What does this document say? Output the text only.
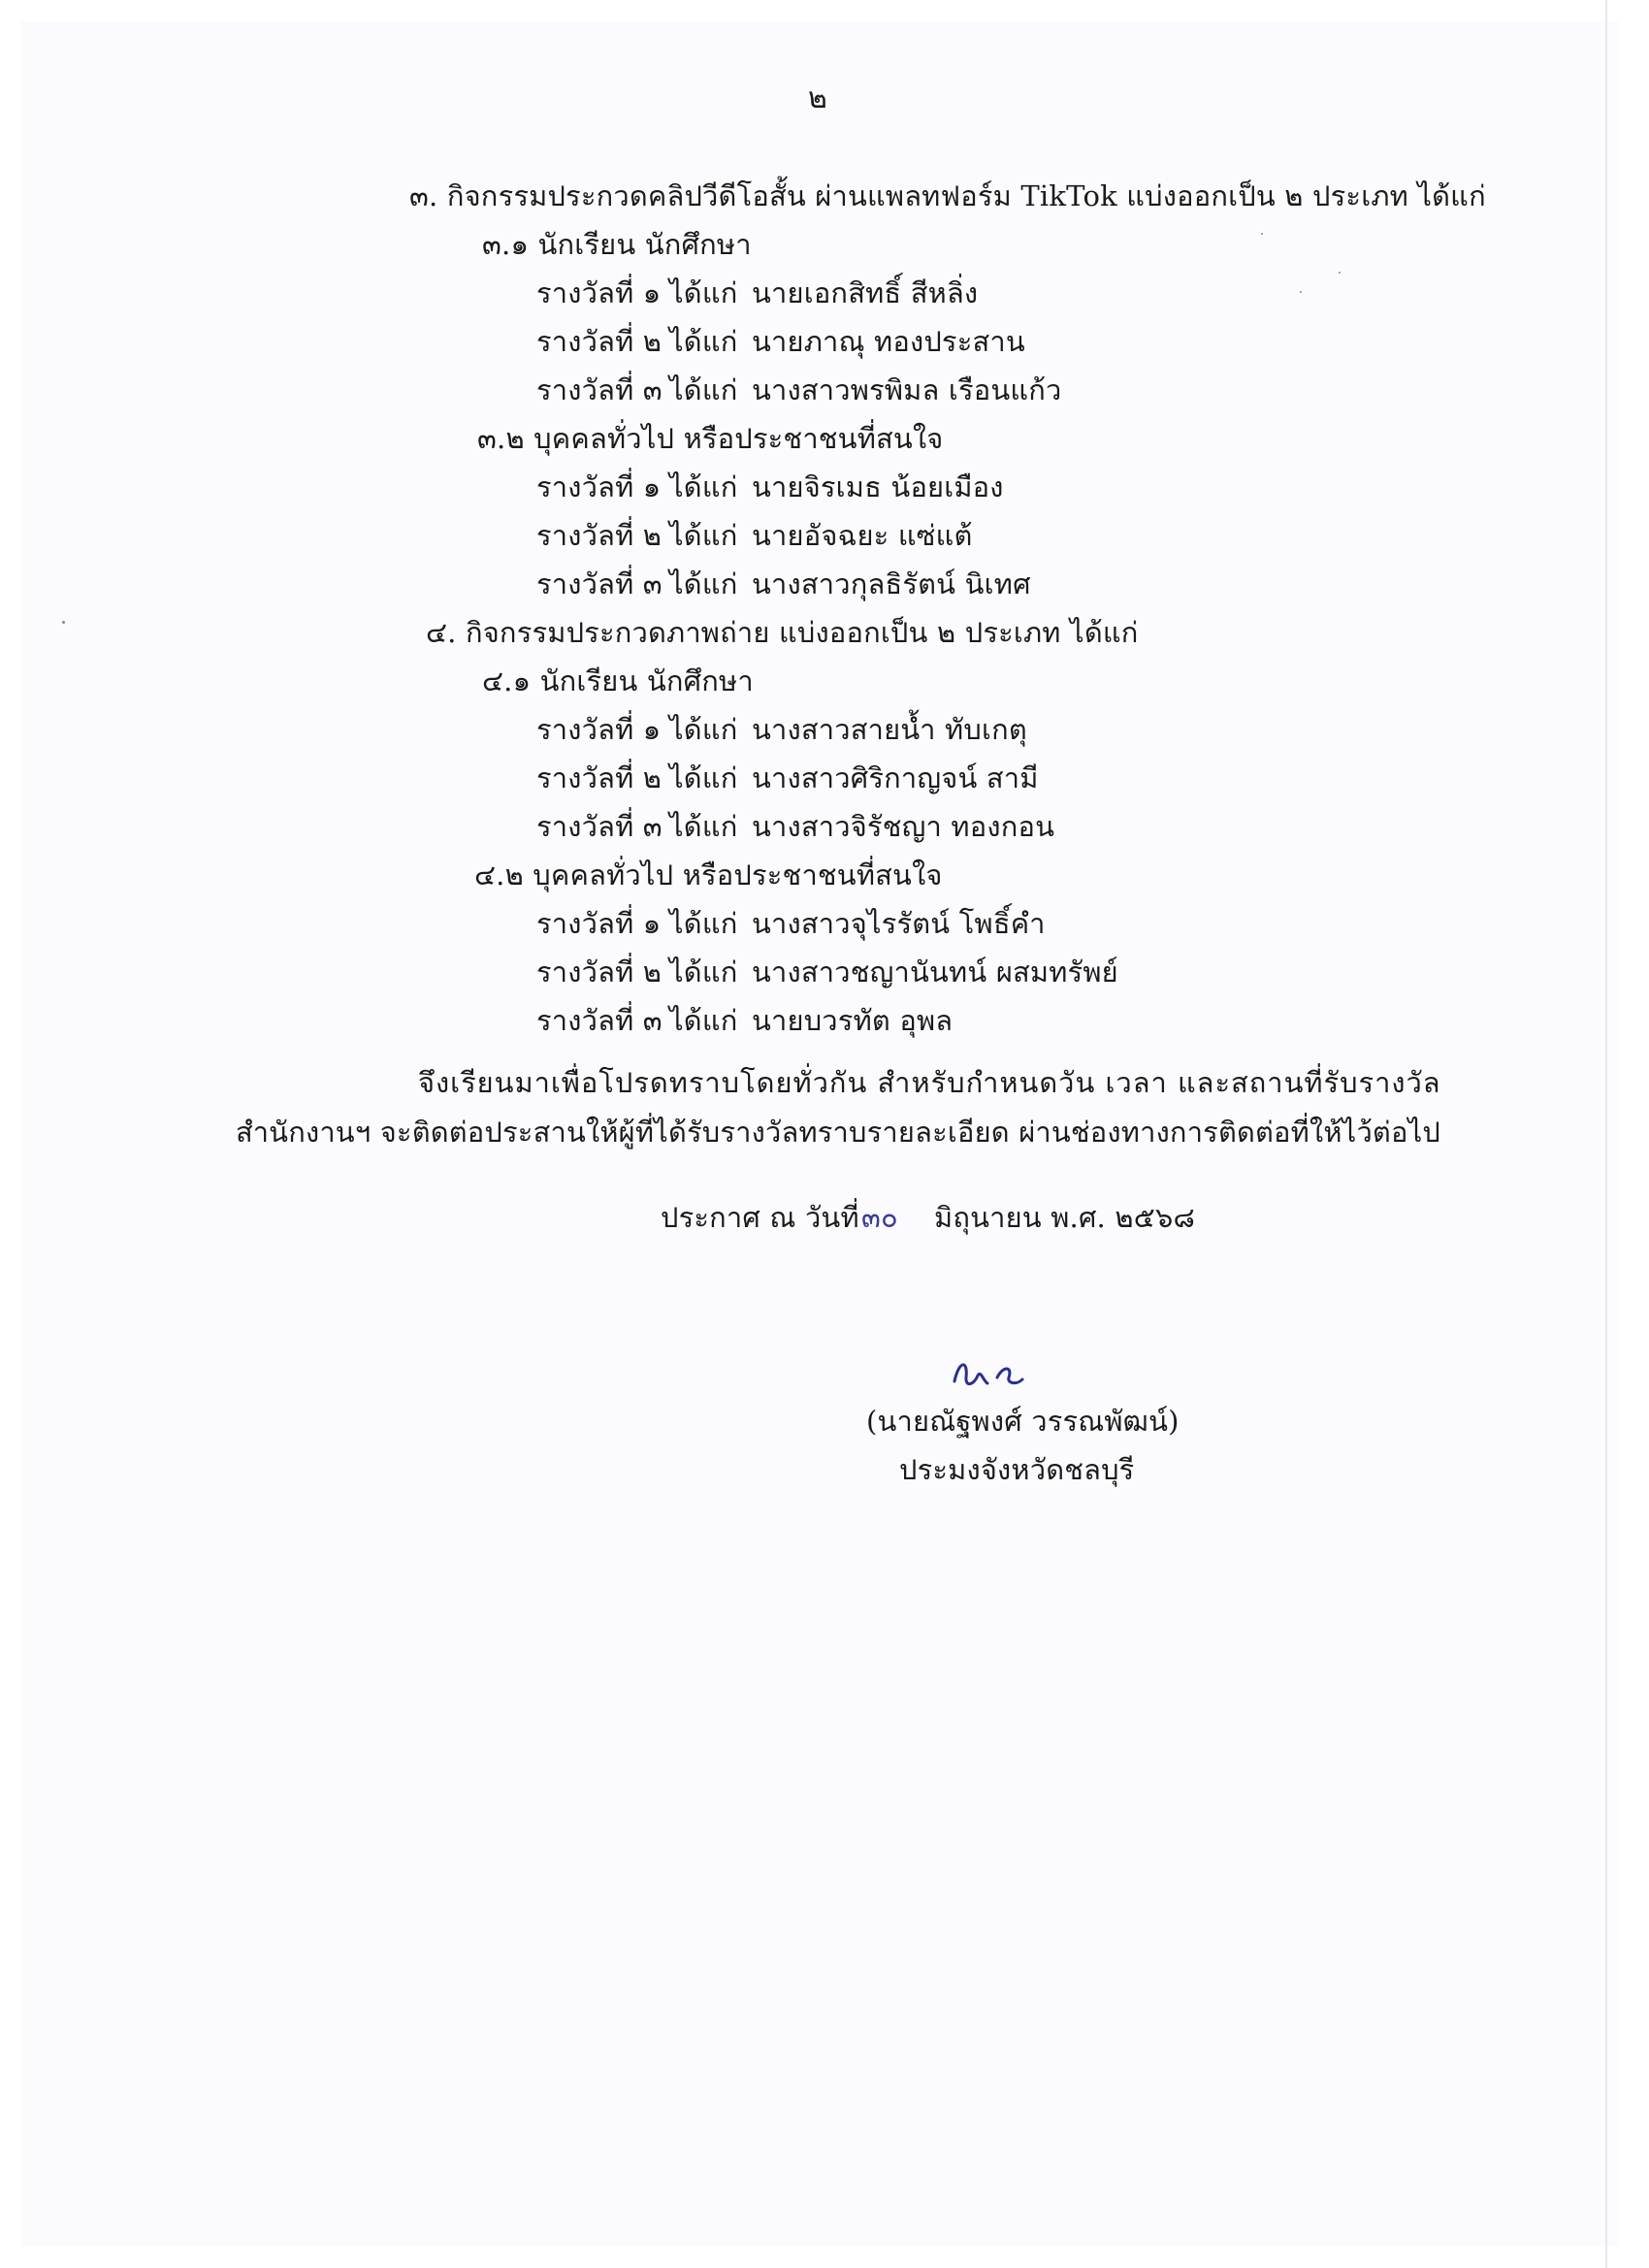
๒
๓. กิจกรรมประกวดคลิปวีดีโอสั้น ผ่านแพลทฟอร์ม TikTok แบ่งออกเป็น ๒ ประเภท ได้แก่
๓.๑ นักเรียน นักศึกษา
รางวัลที่ ๑ ได้แก่ นายเอกสิทธิ์ สีหลิ่ง
รางวัลที่ ๒ ได้แก่ นายภาณุ ทองประสาน
รางวัลที่ ๓ ได้แก่ นางสาวพรพิมล เรือนแก้ว
๓.๒ บุคคลทั่วไป หรือประชาชนที่สนใจ
รางวัลที่ ๑ ได้แก่ นายจิรเมธ น้อยเมือง
รางวัลที่ ๒ ได้แก่ นายอัจฉยะ แซ่แต้
รางวัลที่ ๓ ได้แก่ นางสาวกุลธิรัตน์ นิเทศ
๔. กิจกรรมประกวดภาพถ่าย แบ่งออกเป็น ๒ ประเภท ได้แก่
๔.๑ นักเรียน นักศึกษา
รางวัลที่ ๑ ได้แก่ นางสาวสายน้ำ ทับเกตุ
รางวัลที่ ๒ ได้แก่ นางสาวศิริกาญจน์ สามี
รางวัลที่ ๓ ได้แก่ นางสาวจิรัชญา ทองกอน
๔.๒ บุคคลทั่วไป หรือประชาชนที่สนใจ
รางวัลที่ ๑ ได้แก่ นางสาวจุไรรัตน์ โพธิ์คำ
รางวัลที่ ๒ ได้แก่ นางสาวชญานันทน์ ผสมทรัพย์
รางวัลที่ ๓ ได้แก่ นายบวรทัต อุพล
จึงเรียนมาเพื่อโปรดทราบโดยทั่วกัน สำหรับกำหนดวัน เวลา และสถานที่รับรางวัล
สำนักงานฯ จะติดต่อประสานให้ผู้ที่ได้รับรางวัลทราบรายละเอียด ผ่านช่องทางการติดต่อที่ให้ไว้ต่อไป
ประกาศ ณ วันที่ ๓๐ มิถุนายน พ.ศ. ๒๕๖๘
(นายณัฐพงศ์ วรรณพัฒน์)
ประมงจังหวัดชลบุรี
